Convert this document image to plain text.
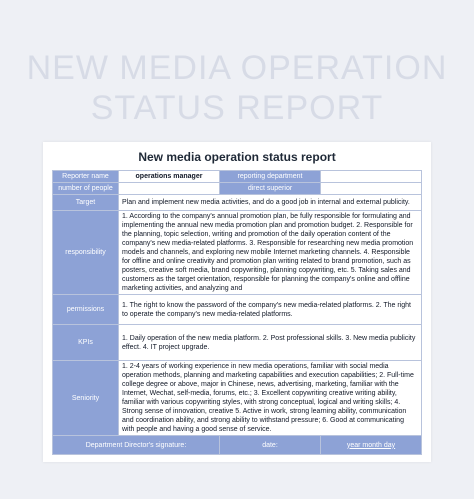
NEW MEDIA OPERATION
STATUS REPORT
New media operation status report
Reporter name	operations manager	reporting department	
number of people		direct superior	
Target	Plan and implement new media activities, and do a good job in internal and external publicity.		
responsibility	1. According to the company's annual promotion plan, be fully responsible for formulating and implementing the annual new media promotion plan and promotion budget. 2. Responsible for the planning, topic selection, writing and promotion of the daily operation content of the company's new media-related platforms. 3. Responsible for researching new media promotion models and channels, and exploring new mobile Internet marketing channels. 4. Responsible for offline and online creativity and promotion plan writing related to brand promotion, such as posters, creative soft media, brand copywriting, planning copywriting, etc. 5. Taking sales and customers as the target orientation, responsible for planning the company's online and offline marketing activities, and analyzing and		
permissions	1. The right to know the password of the company's new media-related platforms. 2. The right to operate the company's new media-related platforms.		
KPIs	1. Daily operation of the new media platform. 2. Post professional skills. 3. New media publicity effect. 4. IT project upgrade.		
Seniority	1. 2-4 years of working experience in new media operations, familiar with social media operation methods, planning and marketing capabilities and execution capabilities; 2. Full-time college degree or above, major in Chinese, news, advertising, marketing, familiar with the Internet, Wechat, self-media, forums, etc.; 3. Excellent copywriting creative writing ability, familiar with various copywriting styles, with strong conceptual, logical and writing skills; 4. Strong sense of innovation, creative 5. Active in work, strong learning ability, communication and coordination ability, and strong ability to withstand pressure; 6. Good at communicating with people and having a good sense of service.		
Department Director's signature:		date:	year month day
